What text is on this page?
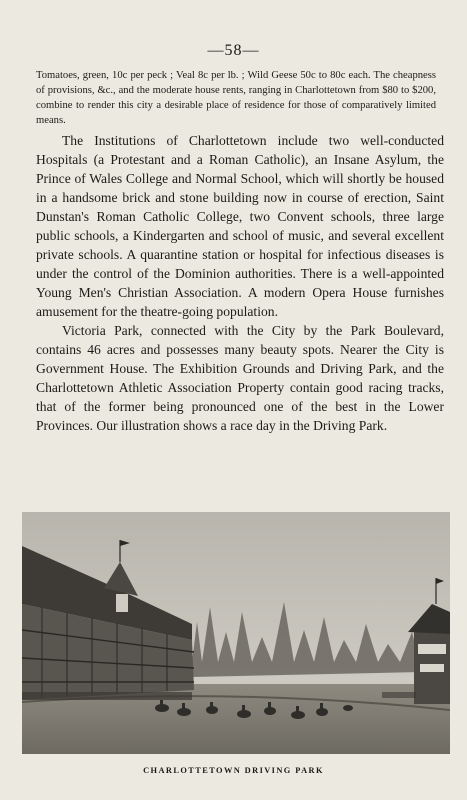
—58—

Tomatoes, green, 10c per peck ; Veal 8c per lb. ; Wild Geese 50c to 80c each. The cheapness of provisions, &c., and the moderate house rents, ranging in Charlottetown from $80 to $200, combine to render this city a desirable place of residence for those of comparatively limited means.

The Institutions of Charlottetown include two well-conducted Hospitals (a Protestant and a Roman Catholic), an Insane Asylum, the Prince of Wales College and Normal School, which will shortly be housed in a handsome brick and stone building now in course of erection, Saint Dunstan's Roman Catholic College, two Convent schools, three large public schools, a Kindergarten and school of music, and several excellent private schools. A quarantine station or hospital for infectious diseases is under the control of the Dominion authorities. There is a well-appointed Young Men's Christian Association. A modern Opera House furnishes amusement for the theatre-going population.

Victoria Park, connected with the City by the Park Boulevard, contains 46 acres and possesses many beauty spots. Nearer the City is Government House. The Exhibition Grounds and Driving Park, and the Charlottetown Athletic Association Property contain good racing tracks, that of the former being pronounced one of the best in the Lower Provinces. Our illustration shows a race day in the Driving Park.

CHARLOTTETOWN DRIVING PARK
